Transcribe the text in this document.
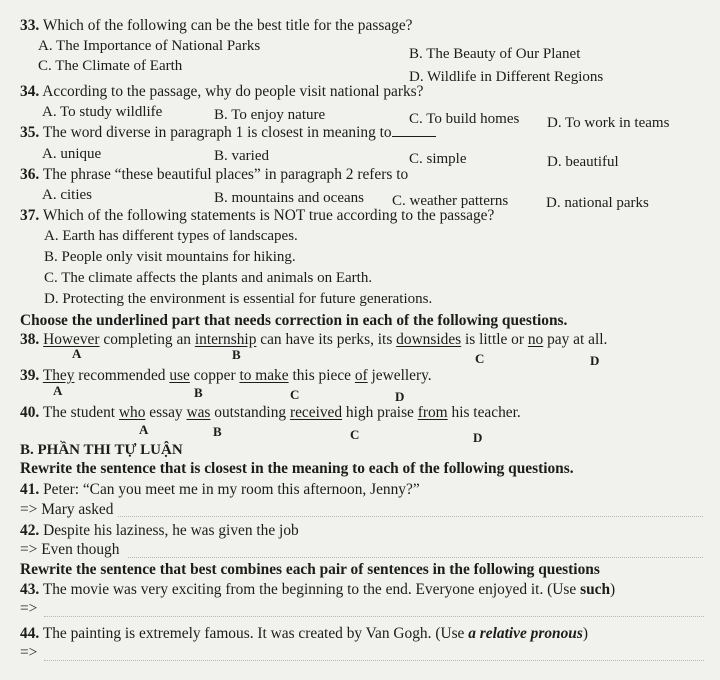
33. Which of the following can be the best title for the passage?
A. The Importance of National Parks	B. The Beauty of Our Planet
C. The Climate of Earth
D. Wildlife in Different Regions
34. According to the passage, why do people visit national parks?
A. To study wildlife	B. To enjoy nature	C. To build homes D. To work in teams
35. The word diverse in paragraph 1 is closest in meaning to
A. unique	B. varied	C. simple	D. beautiful
36. The phrase “these beautiful places” in paragraph 2 refers to
A. cities	B. mountains and oceans C. weather patterns	D. national parks
37. Which of the following statements is NOT true according to the passage?
A. Earth has different types of landscapes.
B. People only visit mountains for hiking.
C. The climate affects the plants and animals on Earth.
D. Protecting the environment is essential for future generations.
Choose the underlined part that needs correction in each of the following questions.
38. However completing an internship can have its perks, its downsides is little or no pay at all.
A	B	C	D
39. They recommended use copper to make this piece of jewellery.
A	B	C	D
40. The student who essay was outstanding received high praise from his teacher.
A	B	C	D
B. PHẦN THI TỰ LUẬN
Rewrite the sentence that is closest in the meaning to each of the following questions.
41. Peter: “Can you meet me in my room this afternoon, Jenny?”
=> Mary asked
42. Despite his laziness, he was given the job
=> Even though
Rewrite the sentence that best combines each pair of sentences in the following questions
43. The movie was very exciting from the beginning to the end. Everyone enjoyed it. (Use such)
=>
44. The painting is extremely famous. It was created by Van Gogh. (Use a relative pronous)
=>
